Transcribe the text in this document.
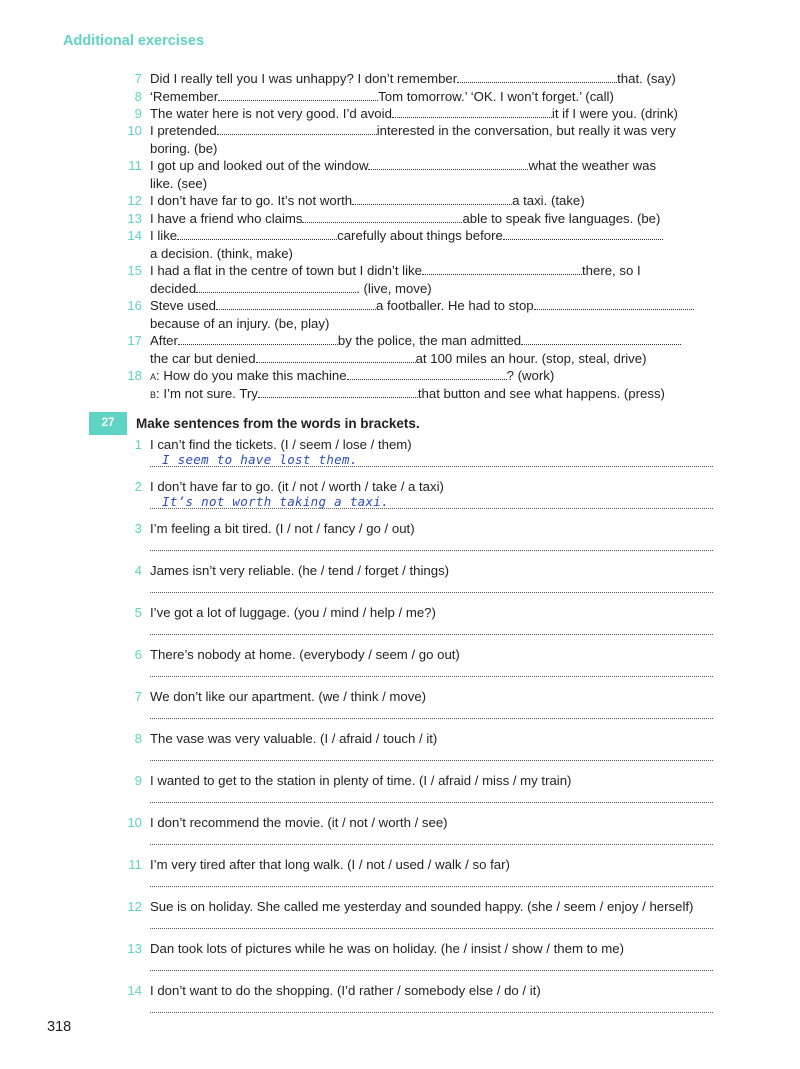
Additional exercises
7 Did I really tell you I was unhappy? I don’t remember	that. (say)
8 ‘Remember	Tom tomorrow.’ ‘OK. I won’t forget.’ (call)
9 The water here is not very good. I’d avoid	it if I were you. (drink)
10 I pretended	interested in the conversation, but really it was very
boring. (be)
11 I got up and looked out of the window	what the weather was
like. (see)
12 I don’t have far to go. It’s not worth	a taxi. (take)
13 I have a friend who claims	able to speak five languages. (be)
14 I like	carefully about things before
a decision. (think, make)
15 I had a flat in the centre of town but I didn’t like	there, so I
decided	. (live, move)
16 Steve used	a footballer. He had to stop
because of an injury. (be, play)
17 After	by the police, the man admitted
the car but denied	at 100 miles an hour. (stop, steal, drive)
18 a: How do you make this machine	? (work)
b: I’m not sure. Try	that button and see what happens. (press)
27	Make sentences from the words in brackets.
1 I can’t find the tickets. (I / seem / lose / them)
I seem to have lost them.
2 I don’t have far to go. (it / not / worth / take / a taxi)
It’s not worth taking a taxi.
3 I’m feeling a bit tired. (I / not / fancy / go / out)
4 James isn’t very reliable. (he / tend / forget / things)
5 I’ve got a lot of luggage. (you / mind / help / me?)
6 There’s nobody at home. (everybody / seem / go out)
7 We don’t like our apartment. (we / think / move)
8 The vase was very valuable. (I / afraid / touch / it)
9 I wanted to get to the station in plenty of time. (I / afraid / miss / my train)
10 I don’t recommend the movie. (it / not / worth / see)
11 I’m very tired after that long walk. (I / not / used / walk / so far)
12 Sue is on holiday. She called me yesterday and sounded happy. (she / seem / enjoy / herself)
13 Dan took lots of pictures while he was on holiday. (he / insist / show / them to me)
14 I don’t want to do the shopping. (I’d rather / somebody else / do / it)
318
